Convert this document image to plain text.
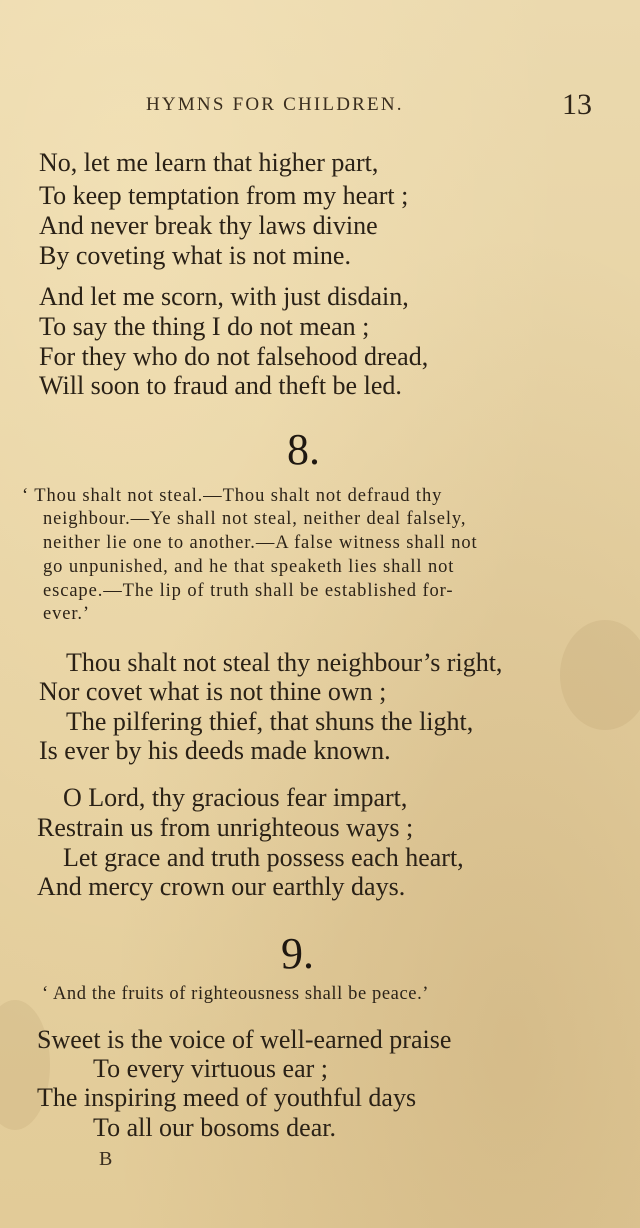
HYMNS FOR CHILDREN.	13
No, let me learn that higher part,
To keep temptation from my heart ;
And never break thy laws divine
By coveting what is not mine.
And let me scorn, with just disdain,
To say the thing I do not mean ;
For they who do not falsehood dread,
Will soon to fraud and theft be led.
8.
‘ Thou shalt not steal.—Thou shalt not defraud thy
neighbour.—Ye shall not steal, neither deal falsely,
neither lie one to another.—A false witness shall not
go unpunished, and he that speaketh lies shall not
escape.—The lip of truth shall be established for-
ever.’
Thou shalt not steal thy neighbour’s right,
Nor covet what is not thine own ;
The pilfering thief, that shuns the light,
Is ever by his deeds made known.
O Lord, thy gracious fear impart,
Restrain us from unrighteous ways ;
Let grace and truth possess each heart,
And mercy crown our earthly days.
9.
‘ And the fruits of righteousness shall be peace.’
Sweet is the voice of well-earned praise
To every virtuous ear ;
The inspiring meed of youthful days
To all our bosoms dear.
B
